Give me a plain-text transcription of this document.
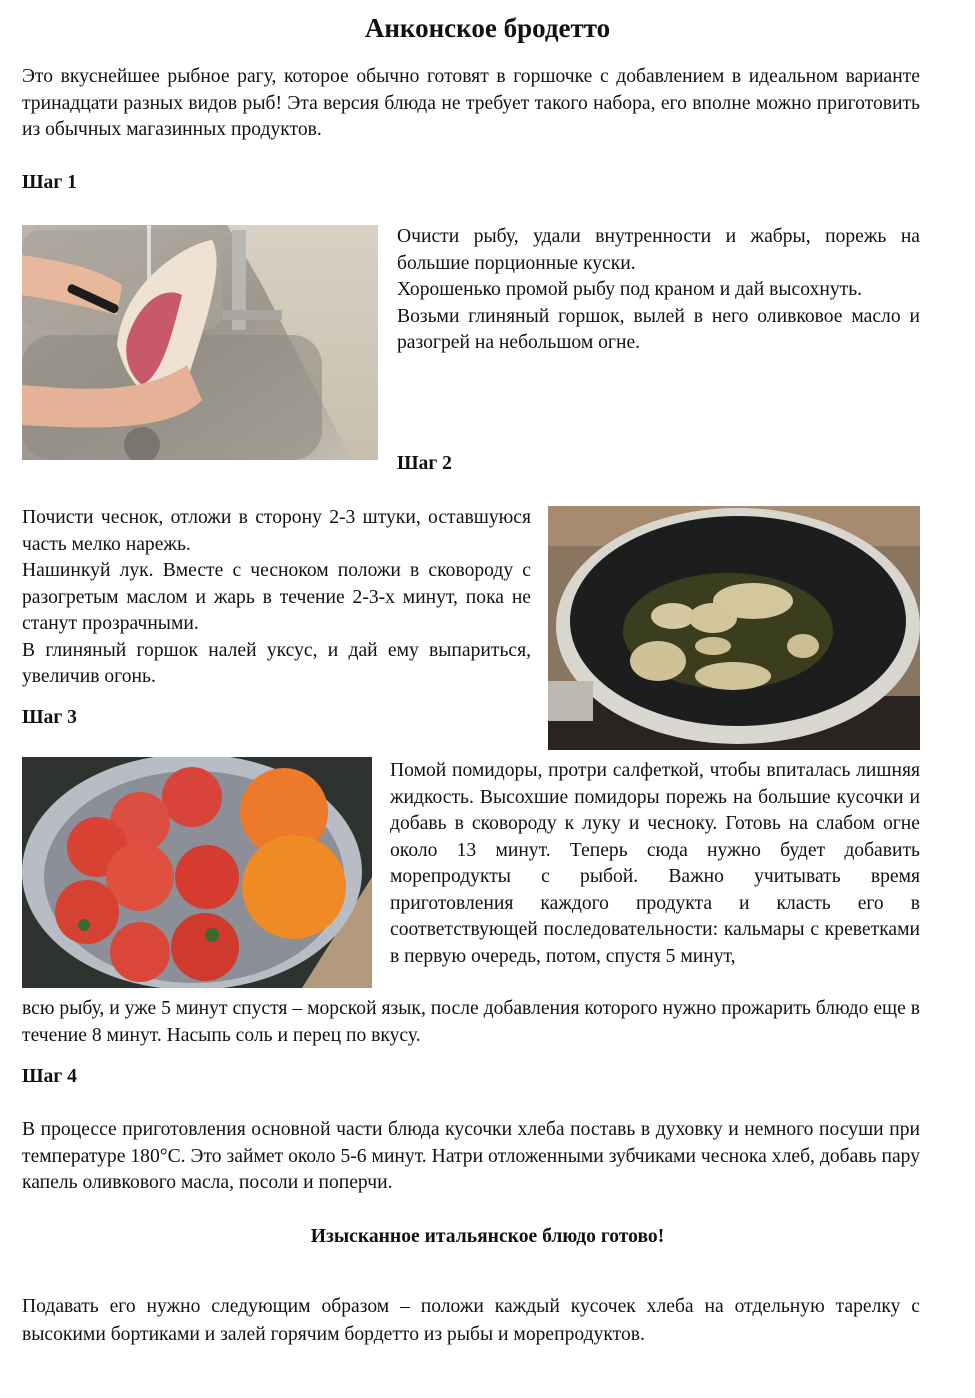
Анконское бродетто

Это вкуснейшее рыбное рагу, которое обычно готовят в горшочке с добавлением в идеальном варианте тринадцати разных видов рыб! Эта версия блюда не требует такого набора, его вполне можно приготовить из обычных магазинных продуктов.

Шаг 1
Очисти рыбу, удали внутренности и жабры, порежь на большие порционные куски.
Хорошенько промой рыбу под краном и дай высохнуть.
Возьми глиняный горшок, вылей в него оливковое масло и разогрей на небольшом огне.
Шаг 2
Почисти чеснок, отложи в сторону 2-3 штуки, оставшуюся часть мелко нарежь.
Нашинкуй лук. Вместе с чесноком положи в сковороду с разогретым маслом и жарь в течение 2-3-х минут, пока не станут прозрачными.
В глиняный горшок налей уксус, и дай ему выпариться, увеличив огонь.
Шаг 3

Помой помидоры, протри салфеткой, чтобы впиталась лишняя жидкость. Высохшие помидоры порежь на большие кусочки и добавь в сковороду к луку и чесноку. Готовь на слабом огне около 13 минут. Теперь сюда нужно будет добавить морепродукты с рыбой. Важно учитывать время приготовления каждого продукта и класть его в соответствующей последовательности: кальмары с креветками в первую очередь, потом, спустя 5 минут,

всю рыбу, и уже 5 минут спустя – морской язык, после добавления которого нужно прожарить блюдо еще в течение 8 минут. Насыпь соль и перец по вкусу.

Шаг 4

В процессе приготовления основной части блюда кусочки хлеба поставь в духовку и немного посуши при температуре 180°С. Это займет около 5-6 минут. Натри отложенными зубчиками чеснока хлеб, добавь пару капель оливкового масла, посоли и поперчи.

Изысканное итальянское блюдо готово!

Подавать его нужно следующим образом – положи каждый кусочек хлеба на отдельную тарелку с высокими бортиками и залей горячим бордетто из рыбы и морепродуктов.
